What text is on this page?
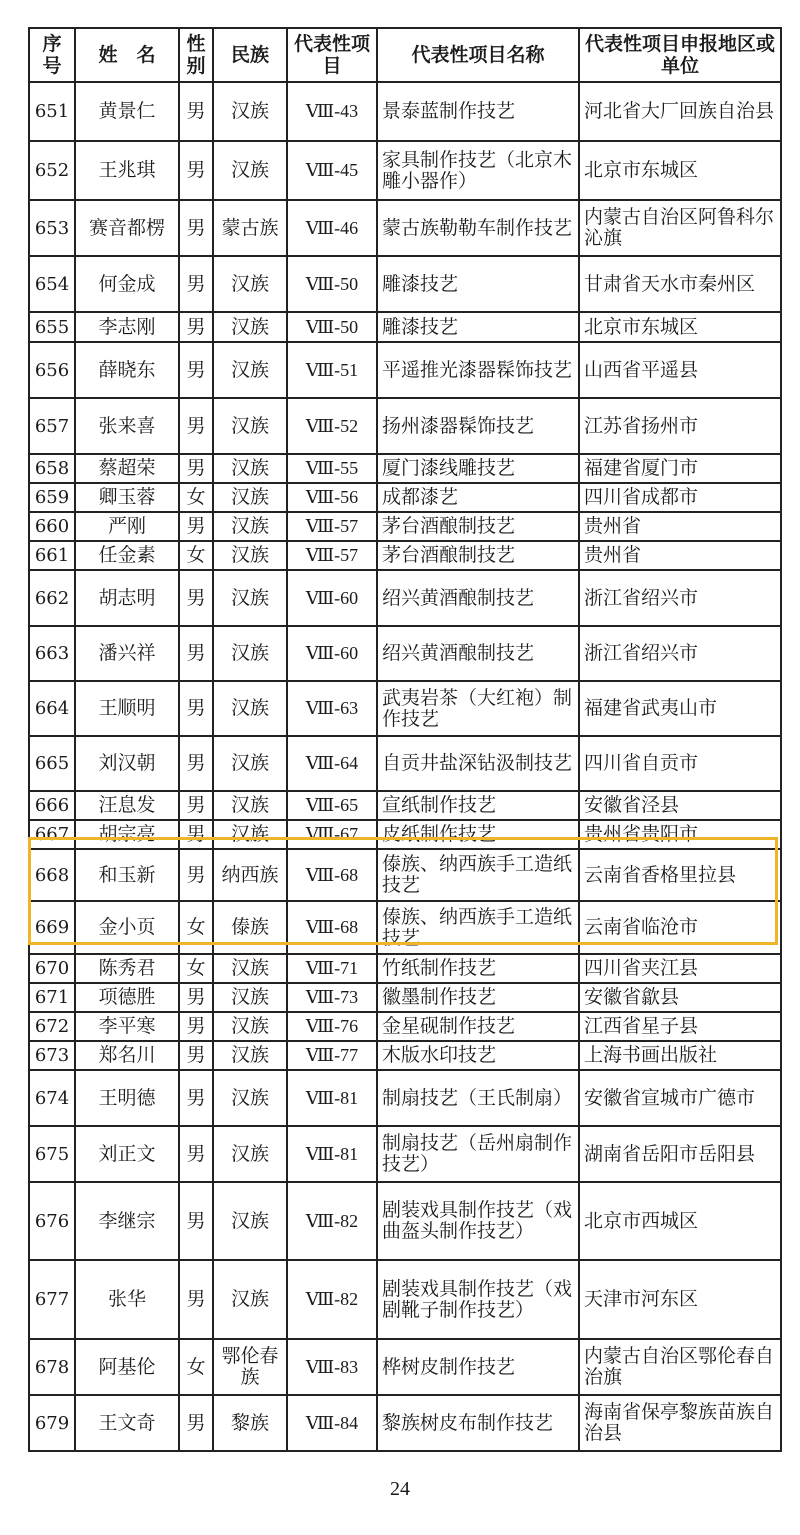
序号	姓　名	性别	民族	代表性项目	代表性项目名称	代表性项目申报地区或单位
651	黄景仁	男	汉族	Ⅷ-43	景泰蓝制作技艺	河北省大厂回族自治县
652	王兆琪	男	汉族	Ⅷ-45	家具制作技艺（北京木雕小器作）	北京市东城区
653	赛音都楞	男	蒙古族	Ⅷ-46	蒙古族勒勒车制作技艺	内蒙古自治区阿鲁科尔沁旗
654	何金成	男	汉族	Ⅷ-50	雕漆技艺	甘肃省天水市秦州区
655	李志刚	男	汉族	Ⅷ-50	雕漆技艺	北京市东城区
656	薛晓东	男	汉族	Ⅷ-51	平遥推光漆器髹饰技艺	山西省平遥县
657	张来喜	男	汉族	Ⅷ-52	扬州漆器髹饰技艺	江苏省扬州市
658	蔡超荣	男	汉族	Ⅷ-55	厦门漆线雕技艺	福建省厦门市
659	卿玉蓉	女	汉族	Ⅷ-56	成都漆艺	四川省成都市
660	严刚	男	汉族	Ⅷ-57	茅台酒酿制技艺	贵州省
661	任金素	女	汉族	Ⅷ-57	茅台酒酿制技艺	贵州省
662	胡志明	男	汉族	Ⅷ-60	绍兴黄酒酿制技艺	浙江省绍兴市
663	潘兴祥	男	汉族	Ⅷ-60	绍兴黄酒酿制技艺	浙江省绍兴市
664	王顺明	男	汉族	Ⅷ-63	武夷岩茶（大红袍）制作技艺	福建省武夷山市
665	刘汉朝	男	汉族	Ⅷ-64	自贡井盐深钻汲制技艺	四川省自贡市
666	汪息发	男	汉族	Ⅷ-65	宣纸制作技艺	安徽省泾县
667	胡宗亮	男	汉族	Ⅷ-67	皮纸制作技艺	贵州省贵阳市
668	和玉新	男	纳西族	Ⅷ-68	傣族、纳西族手工造纸技艺	云南省香格里拉县
669	金小页	女	傣族	Ⅷ-68	傣族、纳西族手工造纸技艺	云南省临沧市
670	陈秀君	女	汉族	Ⅷ-71	竹纸制作技艺	四川省夹江县
671	项德胜	男	汉族	Ⅷ-73	徽墨制作技艺	安徽省歙县
672	李平寒	男	汉族	Ⅷ-76	金星砚制作技艺	江西省星子县
673	郑名川	男	汉族	Ⅷ-77	木版水印技艺	上海书画出版社
674	王明德	男	汉族	Ⅷ-81	制扇技艺（王氏制扇）	安徽省宣城市广德市
675	刘正文	男	汉族	Ⅷ-81	制扇技艺（岳州扇制作技艺）	湖南省岳阳市岳阳县
676	李继宗	男	汉族	Ⅷ-82	剧装戏具制作技艺（戏曲盔头制作技艺）	北京市西城区
677	张华	男	汉族	Ⅷ-82	剧装戏具制作技艺（戏剧靴子制作技艺）	天津市河东区
678	阿基伦	女	鄂伦春族	Ⅷ-83	桦树皮制作技艺	内蒙古自治区鄂伦春自治旗
679	王文奇	男	黎族	Ⅷ-84	黎族树皮布制作技艺	海南省保亭黎族苗族自治县
24
